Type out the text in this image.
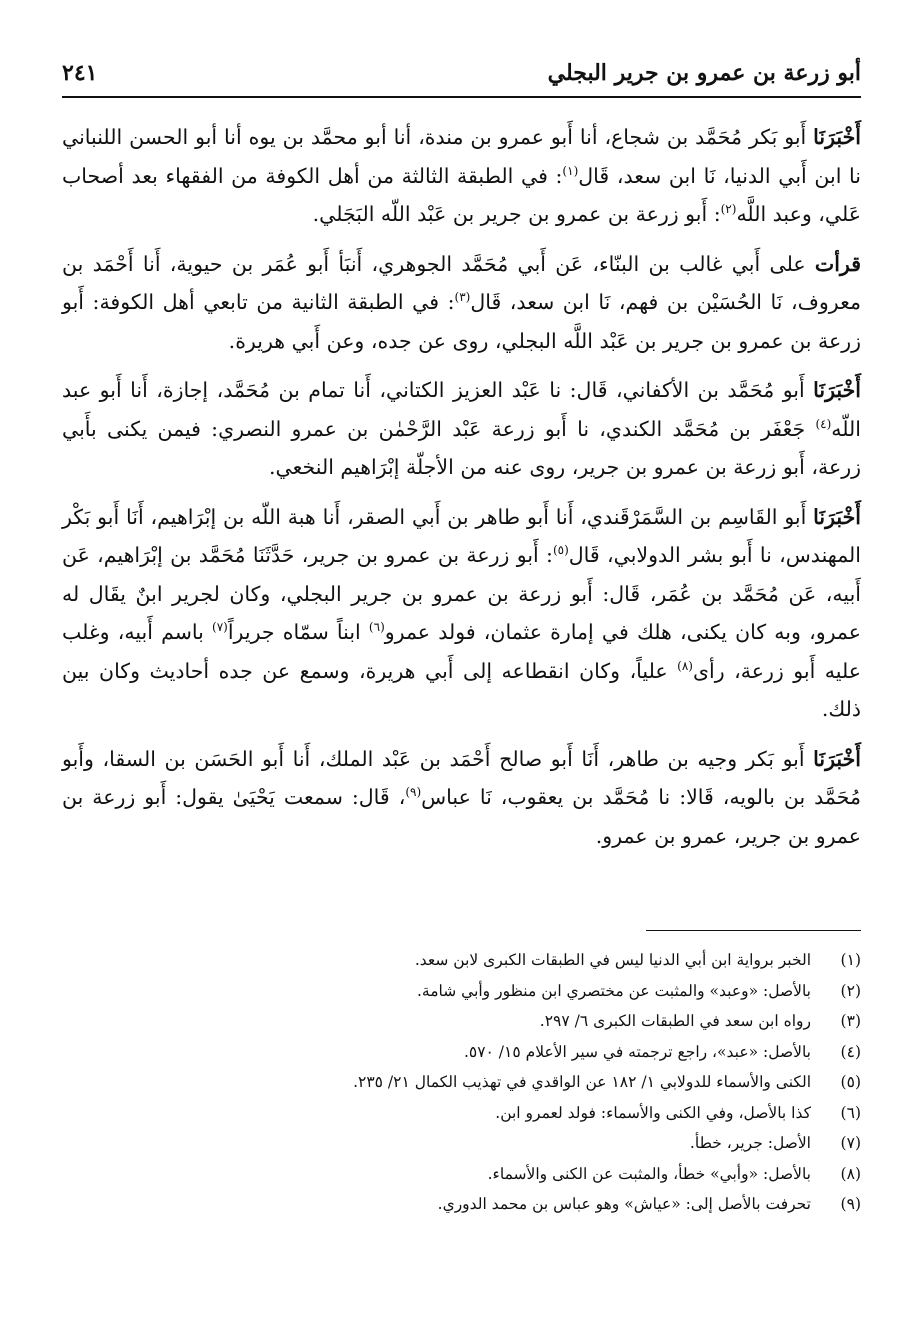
أبو زرعة بن عمرو بن جرير البجلي
٢٤١

أَخْبَرَنَا أَبو بَكر مُحَمَّد بن شجاع، أنا أَبو عمرو بن مندة، أنا أبو محمَّد بن يوه أنا أبو الحسن اللنباني نا ابن أَبي الدنيا، نَا ابن سعد، قَال$^{(١)}$: في الطبقة الثالثة من أهل الكوفة من الفقهاء بعد أصحاب عَلي، وعبد اللَّه$^{(٢)}$: أَبو زرعة بن عمرو بن جرير بن عَبْد اللّه البَجَلي.

قرأت على أَبي غالب بن البنّاء، عَن أَبي مُحَمَّد الجوهري، أَنبَأ أَبو عُمَر بن حيوية، أَنا أَحْمَد بن معروف، نَا الحُسَيْن بن فهم، نَا ابن سعد، قَال$^{(٣)}$: في الطبقة الثانية من تابعي أهل الكوفة: أَبو زرعة بن عمرو بن جرير بن عَبْد اللَّه البجلي، روى عن جده، وعن أَبي هريرة.

أَخْبَرَنَا أَبو مُحَمَّد بن الأكفاني، قَال: نا عَبْد العزيز الكتاني، أَنا تمام بن مُحَمَّد، إجازة، أَنا أَبو عبد اللّه$^{(٤)}$ جَعْفَر بن مُحَمَّد الكندي، نا أَبو زرعة عَبْد الرَّحْمٰن بن عمرو النصري: فيمن يكنى بأَبي زرعة، أَبو زرعة بن عمرو بن جرير، روى عنه من الأجلّة إبْرَاهيم النخعي.

أَخْبَرَنَا أَبو القَاسِم بن السَّمَرْقَندي، أَنا أَبو طاهر بن أَبي الصقر، أَنا هبة اللّه بن إبْرَاهيم، أَنَا أَبو بَكْر المهندس، نا أَبو بشر الدولابي، قَال$^{(٥)}$: أَبو زرعة بن عمرو بن جرير، حَدَّثَنَا مُحَمَّد بن إبْرَاهيم، عَن أَبيه، عَن مُحَمَّد بن عُمَر، قَال: أَبو زرعة بن عمرو بن جرير البجلي، وكان لجرير ابنٌ يقَال له عمرو، وبه كان يكنى، هلك في إمارة عثمان، فولد عمرو$^{(٦)}$ ابناً سمّاه جريراً$^{(٧)}$ باسم أَبيه، وغلب عليه أَبو زرعة، رأى$^{(٨)}$ علياً، وكان انقطاعه إلى أَبي هريرة، وسمع عن جده أحاديث وكان بين ذلك.

أَخْبَرَنَا أَبو بَكر وجيه بن طاهر، أَنَا أَبو صالح أَحْمَد بن عَبْد الملك، أَنا أَبو الحَسَن بن السقا، وأَبو مُحَمَّد بن بالويه، قَالا: نا مُحَمَّد بن يعقوب، نَا عباس$^{(٩)}$، قَال: سمعت يَحْيَىٰ يقول: أَبو زرعة بن عمرو بن جرير، عمرو بن عمرو.

(١)
الخبر برواية ابن أبي الدنيا ليس في الطبقات الكبرى لابن سعد.
(٢)
بالأصل: «وعبد» والمثبت عن مختصري ابن منظور وأبي شامة.
(٣)
رواه ابن سعد في الطبقات الكبرى ٦/ ٢٩٧.
(٤)
بالأصل: «عبد»، راجع ترجمته في سير الأعلام ١٥/ ٥٧٠.
(٥)
الكنى والأسماء للدولابي ١/ ١٨٢ عن الواقدي في تهذيب الكمال ٢١/ ٢٣٥.
(٦)
كذا بالأصل، وفي الكنى والأسماء: فولد لعمرو ابن.
(٧)
الأصل: جرير، خطأ.
(٨)
بالأصل: «وأبي» خطأ، والمثبت عن الكنى والأسماء.
(٩)
تحرفت بالأصل إلى: «عياش» وهو عباس بن محمد الدوري.
